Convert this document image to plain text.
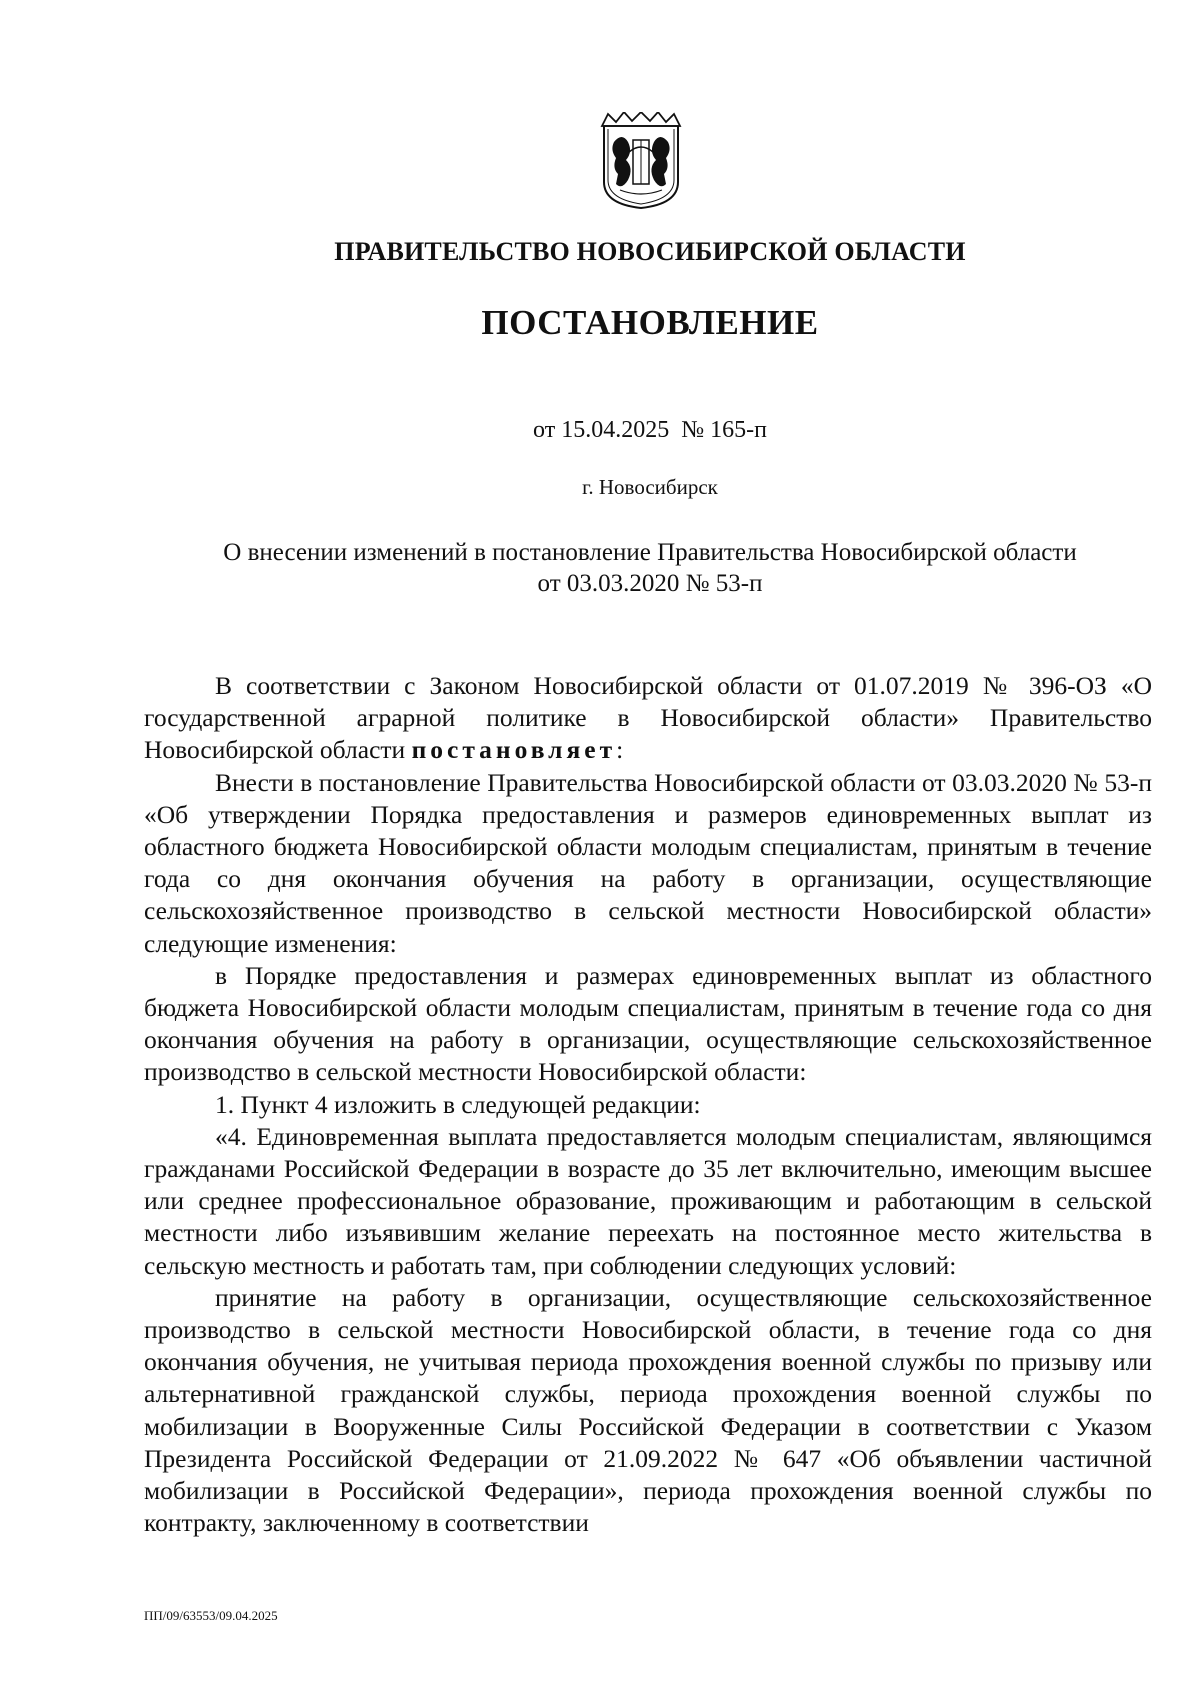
ПРАВИТЕЛЬСТВО НОВОСИБИРСКОЙ ОБЛАСТИ
ПОСТАНОВЛЕНИЕ
от 15.04.2025 № 165-п
г. Новосибирск
О внесении изменений в постановление Правительства Новосибирской области
от 03.03.2020 № 53-п

В соответствии с Законом Новосибирской области от 01.07.2019 № 396-ОЗ «О государственной аграрной политике в Новосибирской области» Правительство Новосибирской области постановляет:

Внести в постановление Правительства Новосибирской области от 03.03.2020 № 53-п «Об утверждении Порядка предоставления и размеров единовременных выплат из областного бюджета Новосибирской области молодым специалистам, принятым в течение года со дня окончания обучения на работу в организации, осуществляющие сельскохозяйственное производство в сельской местности Новосибирской области» следующие изменения:

в Порядке предоставления и размерах единовременных выплат из областного бюджета Новосибирской области молодым специалистам, принятым в течение года со дня окончания обучения на работу в организации, осуществляющие сельскохозяйственное производство в сельской местности Новосибирской области:

1. Пункт 4 изложить в следующей редакции:

«4. Единовременная выплата предоставляется молодым специалистам, являющимся гражданами Российской Федерации в возрасте до 35 лет включительно, имеющим высшее или среднее профессиональное образование, проживающим и работающим в сельской местности либо изъявившим желание переехать на постоянное место жительства в сельскую местность и работать там, при соблюдении следующих условий:

принятие на работу в организации, осуществляющие сельскохозяйственное производство в сельской местности Новосибирской области, в течение года со дня окончания обучения, не учитывая периода прохождения военной службы по призыву или альтернативной гражданской службы, периода прохождения военной службы по мобилизации в Вооруженные Силы Российской Федерации в соответствии с Указом Президента Российской Федерации от 21.09.2022 № 647 «Об объявлении частичной мобилизации в Российской Федерации», периода прохождения военной службы по контракту, заключенному в соответствии

ПП/09/63553/09.04.2025
